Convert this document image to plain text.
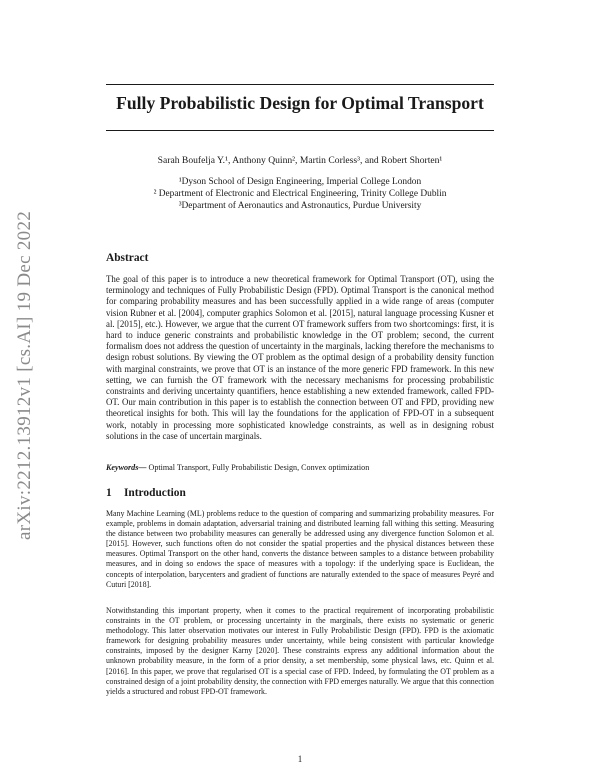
arXiv:2212.13912v1 [cs.AI] 19 Dec 2022
Fully Probabilistic Design for Optimal Transport

Sarah Boufelja Y.¹, Anthony Quinn², Martin Corless³, and Robert Shorten¹

¹Dyson School of Design Engineering, Imperial College London
² Department of Electronic and Electrical Engineering, Trinity College Dublin
³Department of Aeronautics and Astronautics, Purdue University
Abstract

The goal of this paper is to introduce a new theoretical framework for Optimal Transport (OT), using the terminology and techniques of Fully Probabilistic Design (FPD). Optimal Transport is the canonical method for comparing probability measures and has been successfully applied in a wide range of areas (computer vision Rubner et al. [2004], computer graphics Solomon et al. [2015], natural language processing Kusner et al. [2015], etc.). However, we argue that the current OT framework suffers from two shortcomings: first, it is hard to induce generic constraints and probabilistic knowledge in the OT problem; second, the current formalism does not address the question of uncertainty in the marginals, lacking therefore the mechanisms to design robust solutions. By viewing the OT problem as the optimal design of a probability density function with marginal constraints, we prove that OT is an instance of the more generic FPD framework. In this new setting, we can furnish the OT framework with the necessary mechanisms for processing probabilistic constraints and deriving uncertainty quantifiers, hence establishing a new extended framework, called FPD-OT. Our main contribution in this paper is to establish the connection between OT and FPD, providing new theoretical insights for both. This will lay the foundations for the application of FPD-OT in a subsequent work, notably in processing more sophisticated knowledge constraints, as well as in designing robust solutions in the case of uncertain marginals.

Keywords— Optimal Transport, Fully Probabilistic Design, Convex optimization

1 Introduction

Many Machine Learning (ML) problems reduce to the question of comparing and summarizing probability measures. For example, problems in domain adaptation, adversarial training and distributed learning fall withing this setting. Measuring the distance between two probability measures can generally be addressed using any divergence function Solomon et al. [2015]. However, such functions often do not consider the spatial properties and the physical distances between these measures. Optimal Transport on the other hand, converts the distance between samples to a distance between probability measures, and in doing so endows the space of measures with a topology: if the underlying space is Euclidean, the concepts of interpolation, barycenters and gradient of functions are naturally extended to the space of measures Peyré and Cuturi [2018].

Notwithstanding this important property, when it comes to the practical requirement of incorporating probabilistic constraints in the OT problem, or processing uncertainty in the marginals, there exists no systematic or generic methodology. This latter observation motivates our interest in Fully Probabilistic Design (FPD). FPD is the axiomatic framework for designing probability measures under uncertainty, while being consistent with particular knowledge constraints, imposed by the designer Karny [2020]. These constraints express any additional information about the unknown probability measure, in the form of a prior density, a set membership, some physical laws, etc. Quinn et al. [2016]. In this paper, we prove that regularised OT is a special case of FPD. Indeed, by formulating the OT problem as a constrained design of a joint probability density, the connection with FPD emerges naturally. We argue that this connection yields a structured and robust FPD-OT framework.

1
